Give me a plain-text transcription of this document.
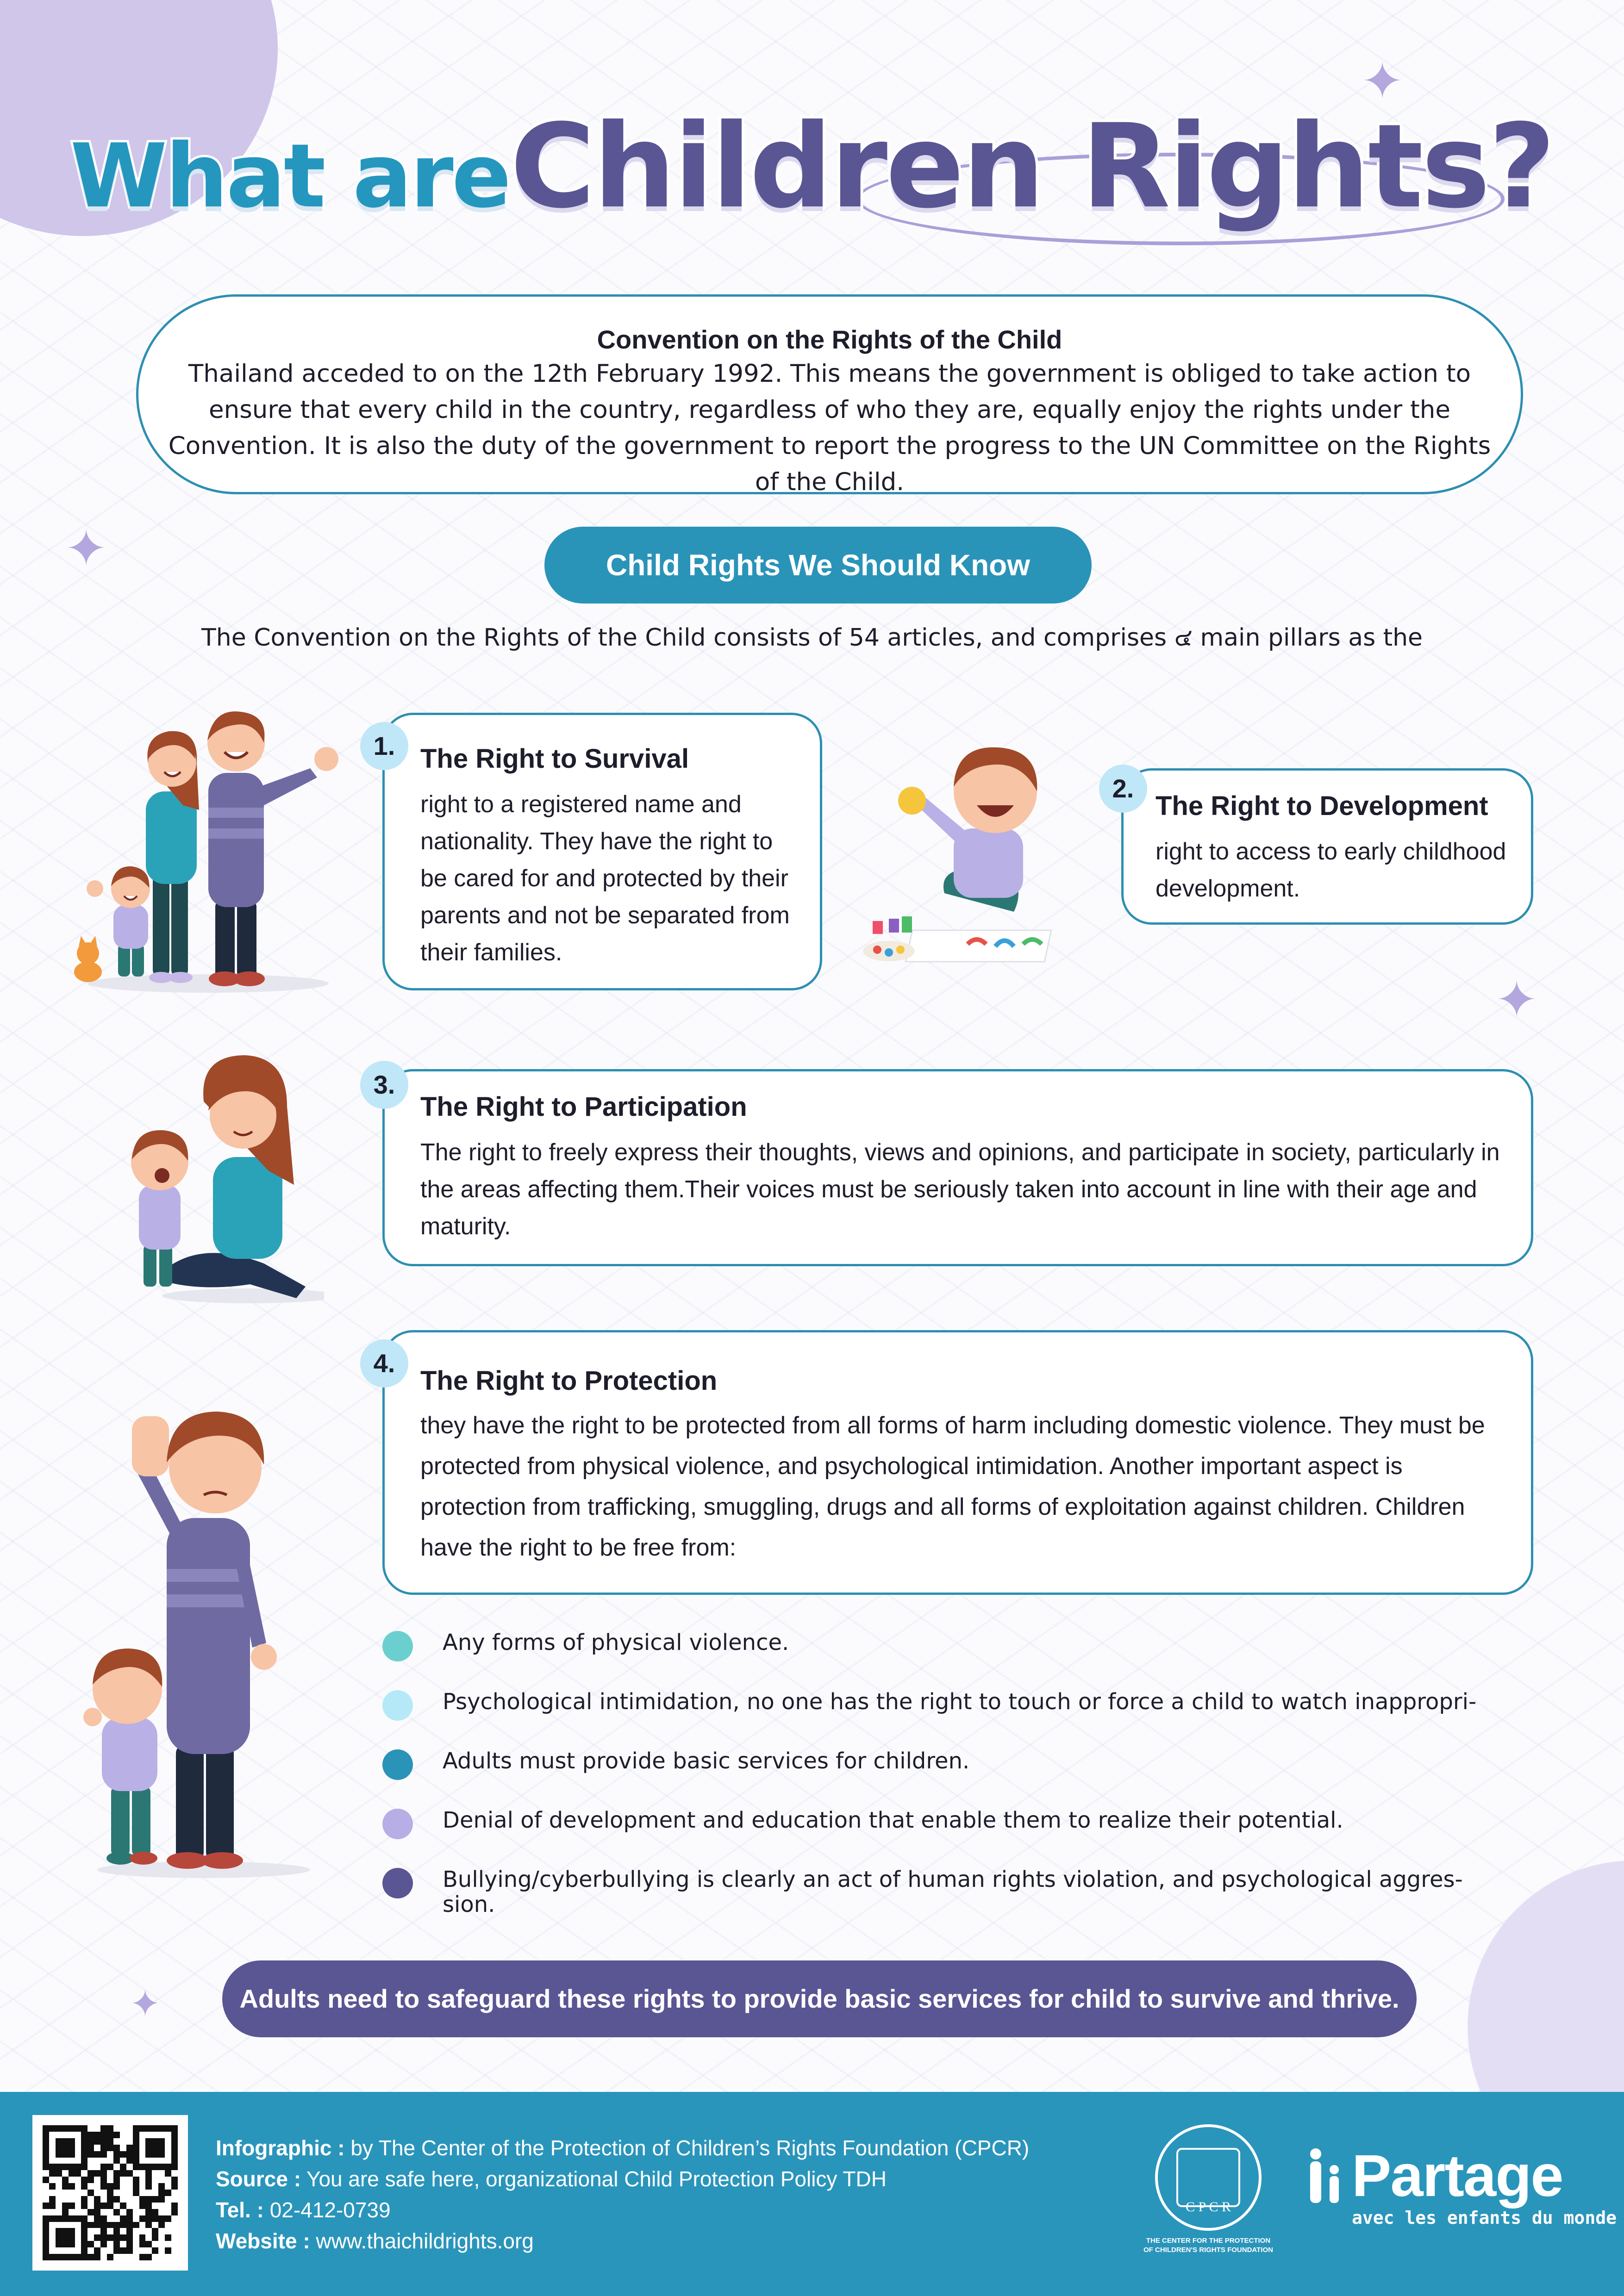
✦
✦
✦
✦
What are Children Rights?
Convention on the Rights of the Child
Thailand acceded to on the 12th February 1992. This means the government is obliged to take action to ensure that every child in the country, regardless of who they are, equally enjoy the rights under the Convention. It is also the duty of the government to report the progress to the UN Committee on the Rights of the Child.
Child Rights We Should Know
The Convention on the Rights of the Child consists of 54 articles, and comprises ๔ main pillars as the
1. The Right to Survival
right to a registered name and nationality. They have the right to be cared for and protected by their parents and not be separated from their families.
2.
The Right to Development
right to access to early childhood development.
3.
The Right to Participation
The right to freely express their thoughts, views and opinions, and participate in society, particularly in the areas affecting them.Their voices must be seriously taken into account in line with their age and maturity.
4.
The Right to Protection
they have the right to be protected from all forms of harm including domestic violence. They must be protected from physical violence, and psychological intimidation. Another important aspect is protection from trafficking, smuggling, drugs and all forms of exploitation against children. Children have the right to be free from:
Any forms of physical violence.
Psychological intimidation, no one has the right to touch or force a child to watch inappropri-
Adults must provide basic services for children.
Denial of development and education that enable them to realize their potential.
Bullying/cyberbullying is clearly an act of human rights violation, and psychological aggres-sion.
Adults need to safeguard these rights to provide basic services for child to survive and thrive.
Infographic : by The Center of the Protection of Children’s Rights Foundation (CPCR)
Source : You are safe here, organizational Child Protection Policy TDH
Tel. : 02-412-0739
Website : www.thaichildrights.org
C P C R
THE CENTER FOR THE PROTECTION
OF CHILDREN'S RIGHTS FOUNDATION
Partage
avec les enfants du monde
